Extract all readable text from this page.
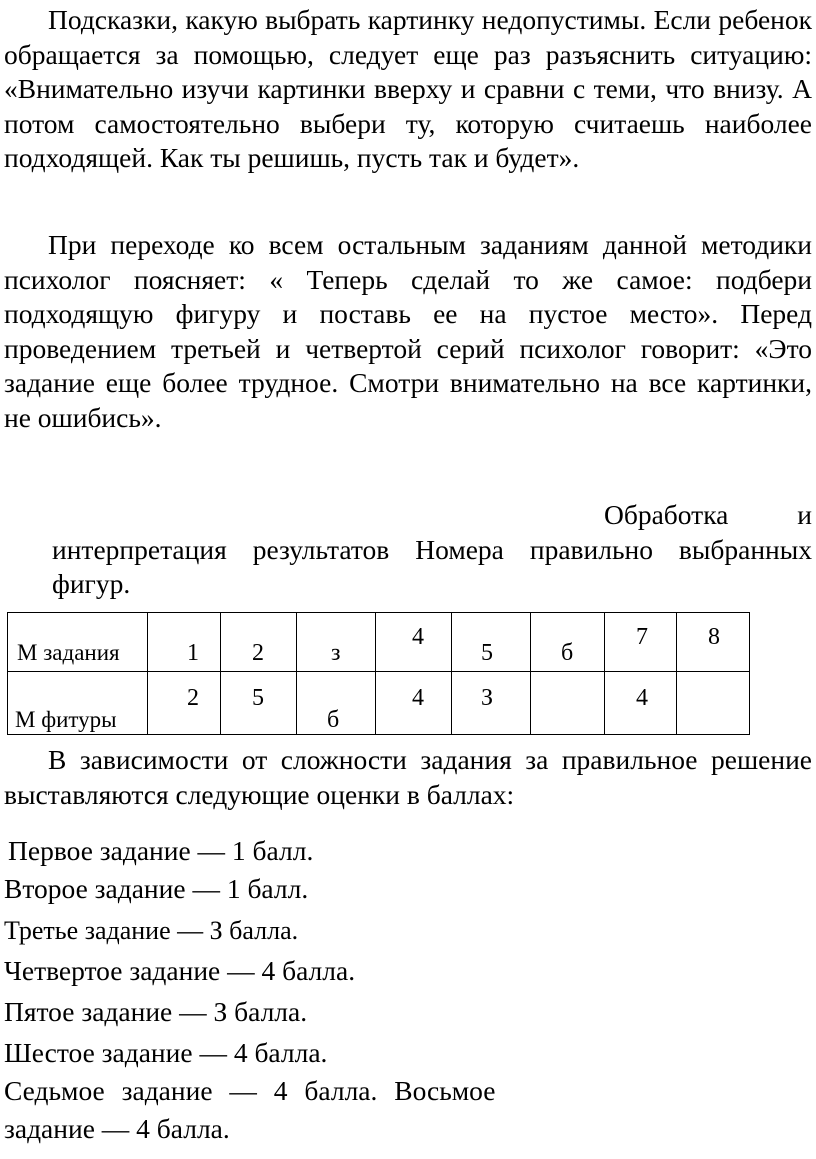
Подсказки, какую выбрать картинку недопустимы. Если ребенок обращается за помощью, следует еще раз разъяснить ситуацию: «Внимательно изучи картинки вверху и сравни с теми, что внизу. А потом самостоятельно выбери ту, которую считаешь наиболее подходящей. Как ты решишь, пусть так и будет».

При переходе ко всем остальным заданиям данной методики психолог поясняет: « Теперь сделай то же самое: подбери подходящую фигуру и поставь ее на пустое место». Перед проведением третьей и четвертой серий психолог говорит: «Это задание еще более трудное. Смотри внимательно на все картинки, не ошибись».

Обработка и интерпретация результатов Номера правильно выбранных фигур.

М задания	1	2	з	4	5	б	7	8

М фитуры	2	5	б	4	З		4	

В зависимости от сложности задания за правильное решение выставляются следующие оценки в баллах:

Первое задание — 1 балл.

Второе задание — 1 балл.

Третье задание — З балла.

Четвертое задание — 4 балла.

Пятое задание — З балла.

Шестое задание — 4 балла.

Седьмое задание — 4 балла. Восьмое

задание — 4 балла.
